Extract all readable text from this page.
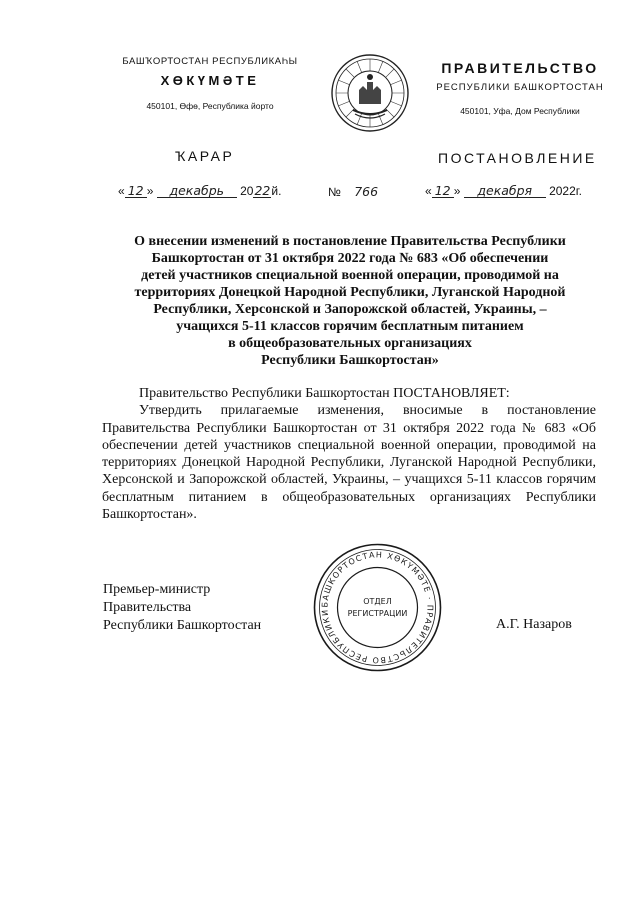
БАШҠОРТОСТАН РЕСПУБЛИКАҺЫ
ХӨКҮМӘТЕ
450101, Өфө, Республика йорто
ПРАВИТЕЛЬСТВО
РЕСПУБЛИКИ БАШКОРТОСТАН
450101, Уфа, Дом Республики
ҠАРАР	ПОСТАНОВЛЕНИЕ
« 12 » декабрь 2022й.	№ 766	« 12 » декабря 2022г.
О внесении изменений в постановление Правительства Республики
Башкортостан от 31 октября 2022 года № 683 «Об обеспечении
детей участников специальной военной операции, проводимой на
территориях Донецкой Народной Республики, Луганской Народной
Республики, Херсонской и Запорожской областей, Украины, –
учащихся 5-11 классов горячим бесплатным питанием
в общеобразовательных организациях
Республики Башкортостан»
Правительство Республики Башкортостан ПОСТАНОВЛЯЕТ:
Утвердить прилагаемые изменения, вносимые в постановление Правительства Республики Башкортостан от 31 октября 2022 года № 683 «Об обеспечении детей участников специальной военной операции, проводимой на территориях Донецкой Народной Республики, Луганской Народной Республики, Херсонской и Запорожской областей, Украины, – учащихся 5-11 классов горячим бесплатным питанием в общеобразовательных организациях Республики Башкортостан».
Премьер-министр
Правительства
Республики Башкортостан	А.Г. Назаров
БАШКОРТОСТАН ХӨКҮМӘТЕ · ПРАВИТЕЛЬСТВО РЕСПУБЛИКИ
ОТДЕЛ
РЕГИСТРАЦИИ
